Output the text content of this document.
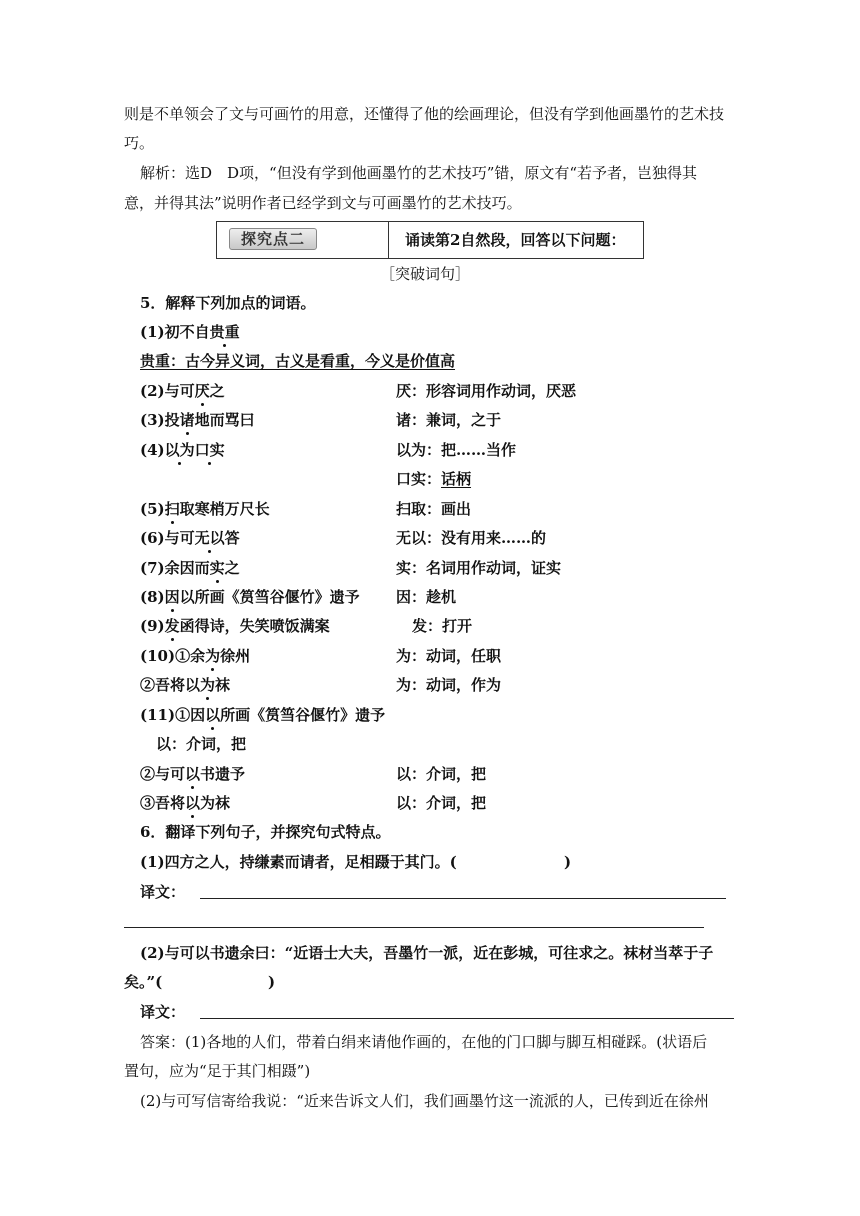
则是不单领会了文与可画竹的用意，还懂得了他的绘画理论，但没有学到他画墨竹的艺术技
巧。
解析：选D　D项，“但没有学到他画墨竹的艺术技巧”错，原文有“若予者，岂独得其
意，并得其法”说明作者已经学到文与可画墨竹的艺术技巧。
探究点二	诵读第2自然段，回答以下问题：
［突破词句］
5．解释下列加点的词语。
(1)初不自贵重
贵重：古今异义词，古义是看重，今义是价值高
(2)与可厌之	厌：形容词用作动词，厌恶
(3)投诸地而骂曰	诸：兼词，之于
(4)以为口实	以为：把……当作
口实：话柄
(5)扫取寒梢万尺长	扫取：画出
(6)与可无以答	无以：没有用来……的
(7)余因而实之	实：名词用作动词，证实
(8)因以所画《筼筜谷偃竹》遗予 因：趁机
(9)发函得诗，失笑喷饭满案	发：打开
(10)①余为徐州	为：动词，任职
②吾将以为袜	为：动词，作为
(11)①因以所画《筼筜谷偃竹》遗予
以：介词，把
②与可以书遗予	以：介词，把
③吾将以为袜	以：介词，把
6．翻译下列句子，并探究句式特点。
(1)四方之人，持缣素而请者，足相蹑于其门。(	)
译文：
(2)与可以书遗余曰：“近语士大夫，吾墨竹一派，近在彭城，可往求之。袜材当萃于子
矣。”(	)
译文：
答案：(1)各地的人们，带着白绢来请他作画的，在他的门口脚与脚互相碰踩。(状语后
置句，应为“足于其门相蹑”)
(2)与可写信寄给我说：“近来告诉文人们，我们画墨竹这一流派的人，已传到近在徐州
